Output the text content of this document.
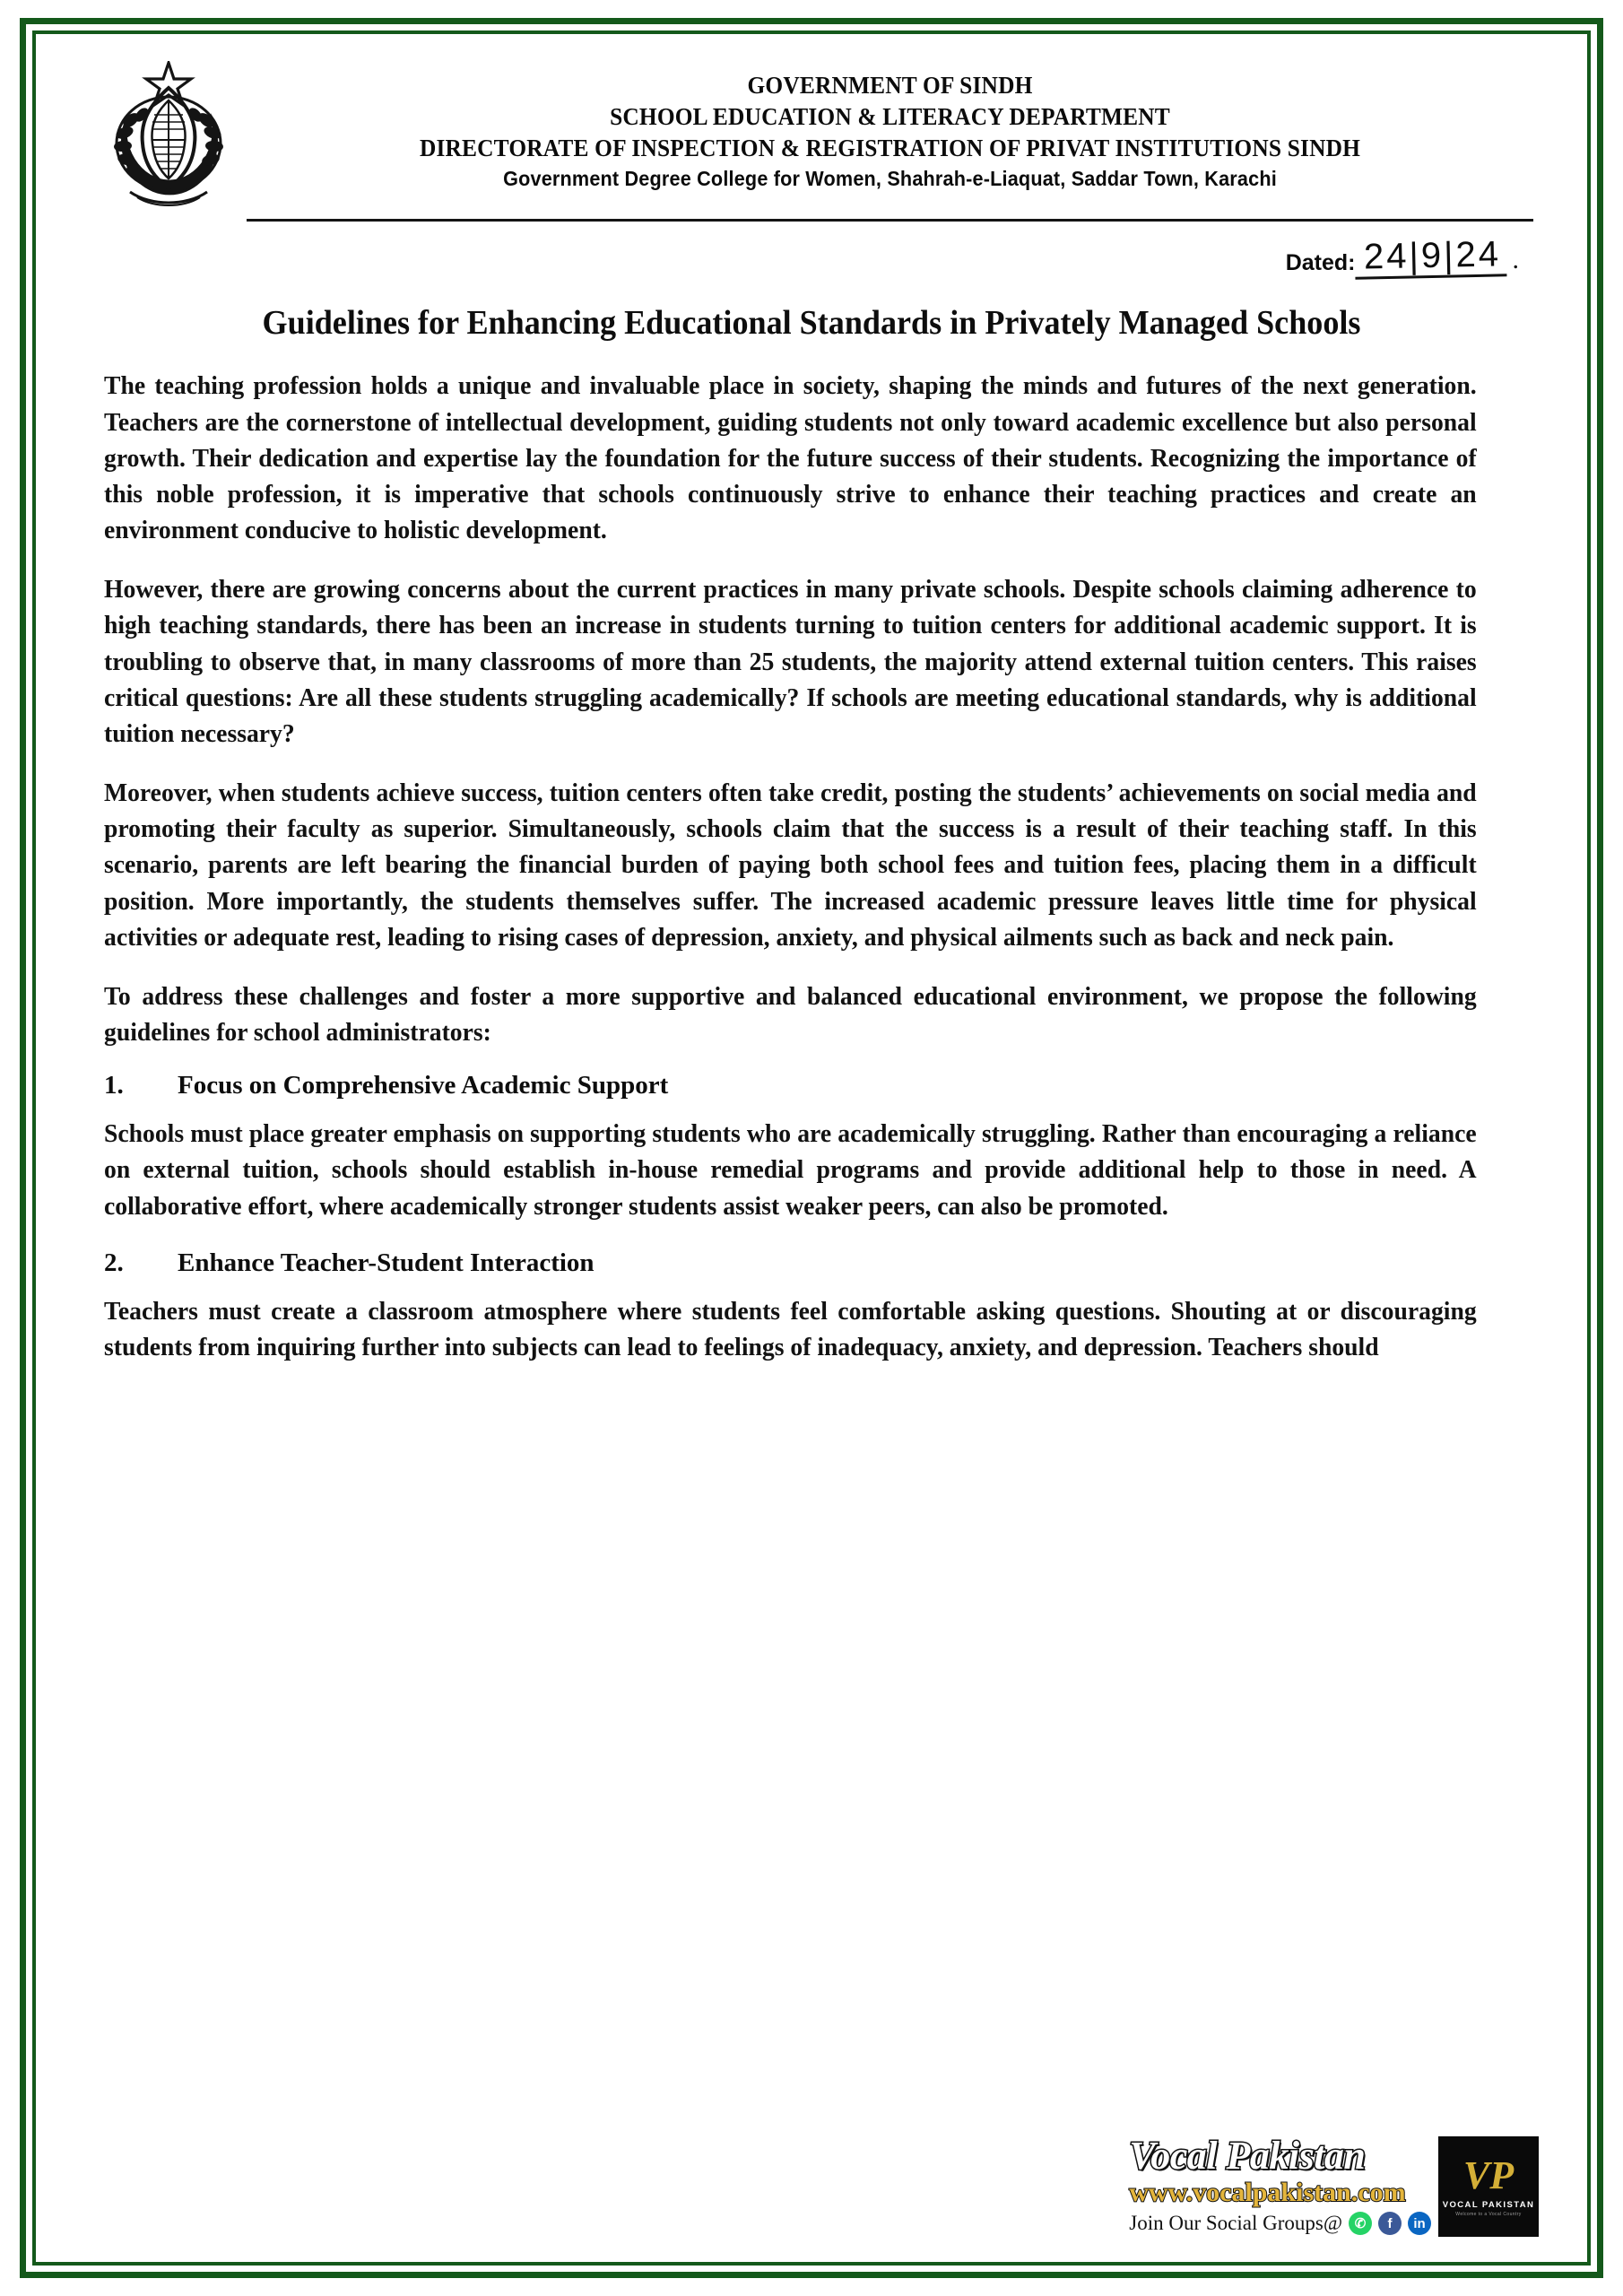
GOVERNMENT OF SINDH
SCHOOL EDUCATION & LITERACY DEPARTMENT
DIRECTORATE OF INSPECTION & REGISTRATION OF PRIVAT INSTITUTIONS SINDH
Government Degree College for Women, Shahrah-e-Liaquat, Saddar Town, Karachi
Dated: 24|9|24 .
Guidelines for Enhancing Educational Standards in Privately Managed Schools

The teaching profession holds a unique and invaluable place in society, shaping the minds and futures of the next generation. Teachers are the cornerstone of intellectual development, guiding students not only toward academic excellence but also personal growth. Their dedication and expertise lay the foundation for the future success of their students. Recognizing the importance of this noble profession, it is imperative that schools continuously strive to enhance their teaching practices and create an environment conducive to holistic development.

However, there are growing concerns about the current practices in many private schools. Despite schools claiming adherence to high teaching standards, there has been an increase in students turning to tuition centers for additional academic support. It is troubling to observe that, in many classrooms of more than 25 students, the majority attend external tuition centers. This raises critical questions: Are all these students struggling academically? If schools are meeting educational standards, why is additional tuition necessary?

Moreover, when students achieve success, tuition centers often take credit, posting the students’ achievements on social media and promoting their faculty as superior. Simultaneously, schools claim that the success is a result of their teaching staff. In this scenario, parents are left bearing the financial burden of paying both school fees and tuition fees, placing them in a difficult position. More importantly, the students themselves suffer. The increased academic pressure leaves little time for physical activities or adequate rest, leading to rising cases of depression, anxiety, and physical ailments such as back and neck pain.

To address these challenges and foster a more supportive and balanced educational environment, we propose the following guidelines for school administrators:

1.	Focus on Comprehensive Academic Support

Schools must place greater emphasis on supporting students who are academically struggling. Rather than encouraging a reliance on external tuition, schools should establish in-house remedial programs and provide additional help to those in need. A collaborative effort, where academically stronger students assist weaker peers, can also be promoted.

2.	Enhance Teacher-Student Interaction

Teachers must create a classroom atmosphere where students feel comfortable asking questions. Shouting at or discouraging students from inquiring further into subjects can lead to feelings of inadequacy, anxiety, and depression. Teachers should

Vocal Pakistan
www.vocalpakistan.com
Join Our Social Groups@ ✆	f	in
VP
VOCAL PAKISTAN
Welcome to a Vocal Country
